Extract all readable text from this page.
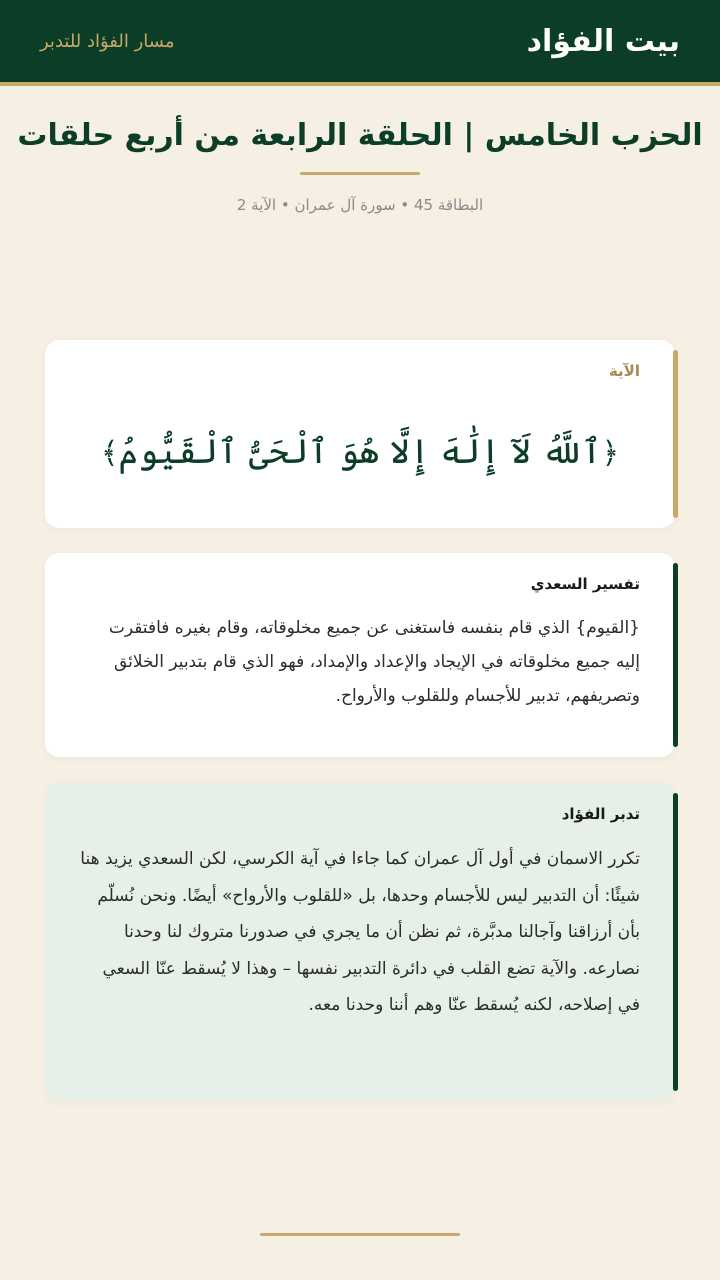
بيت الفؤاد
مسار الفؤاد للتدبر
الحزب الخامس | الحلقة الرابعة من أربع حلقات
البطاقة 45 • سورة آل عمران • الآية 2
الآية
﴿ٱللَّهُ لَآ إِلَٰهَ إِلَّا هُوَ ٱلْحَىُّ ٱلْقَيُّومُ﴾
تفسير السعدي
{القيوم} الذي قام بنفسه فاستغنى عن جميع مخلوقاته، وقام بغيره فافتقرت إليه جميع مخلوقاته في الإيجاد والإعداد والإمداد، فهو الذي قام بتدبير الخلائق وتصريفهم، تدبير للأجسام وللقلوب والأرواح.
تدبر الفؤاد
تكرر الاسمان في أول آل عمران كما جاءا في آية الكرسي، لكن السعدي يزيد هنا شيئًا: أن التدبير ليس للأجسام وحدها، بل «للقلوب والأرواح» أيضًا. ونحن نُسلّم بأن أرزاقنا وآجالنا مدبَّرة، ثم نظن أن ما يجري في صدورنا متروك لنا وحدنا نصارعه. والآية تضع القلب في دائرة التدبير نفسها – وهذا لا يُسقط عنّا السعي في إصلاحه، لكنه يُسقط عنّا وهم أننا وحدنا معه.
